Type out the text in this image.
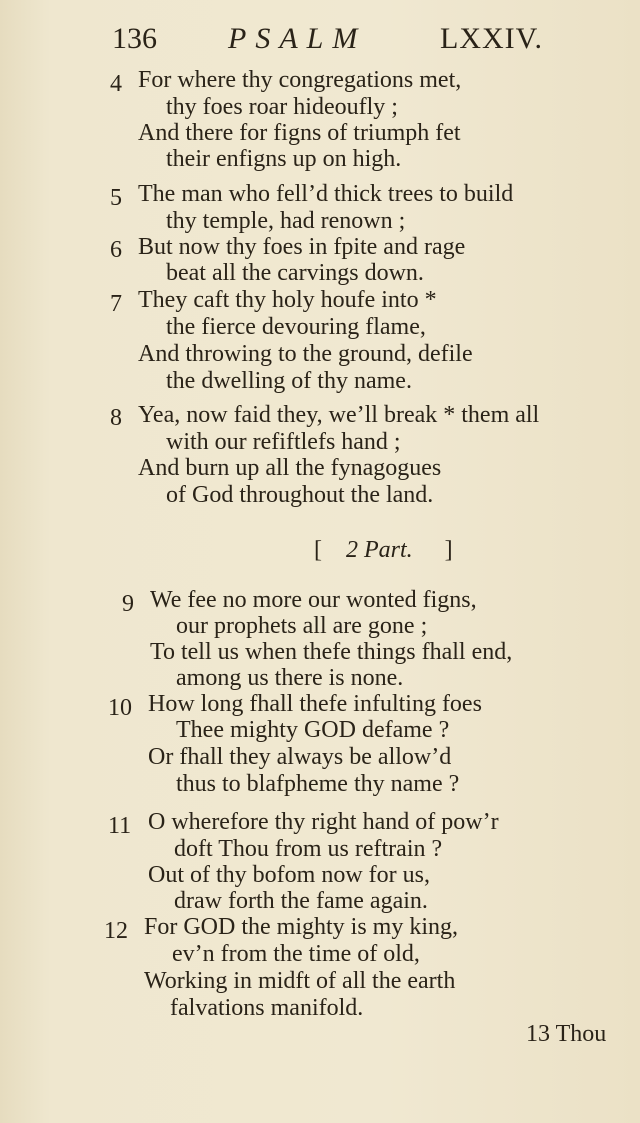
136 PSALM LXXIV.
4 For where thy congregations met,
thy foes roar hideoufly ;
And there for figns of triumph fet
their enfigns up on high.
5 The man who fell’d thick trees to build
thy temple, had renown ;
6 But now thy foes in fpite and rage
beat all the carvings down.
7 They caft thy holy houfe into *
the fierce devouring flame,
And throwing to the ground, defile
the dwelling of thy name.
8 Yea, now faid they, we’ll break * them all
with our refiftlefs hand ;
And burn up all the fynagogues
of God throughout the land.
[ 2 Part. ]
9 We fee no more our wonted figns,
our prophets all are gone ;
To tell us when thefe things fhall end,
among us there is none.
10 How long fhall thefe infulting foes
Thee mighty GOD defame ?
Or fhall they always be allow’d
thus to blafpheme thy name ?
11 O wherefore thy right hand of pow’r
doft Thou from us reftrain ?
Out of thy bofom now for us,
draw forth the fame again.
12 For GOD the mighty is my king,
ev’n from the time of old,
Working in midft of all the earth
falvations manifold.
13 Thou
